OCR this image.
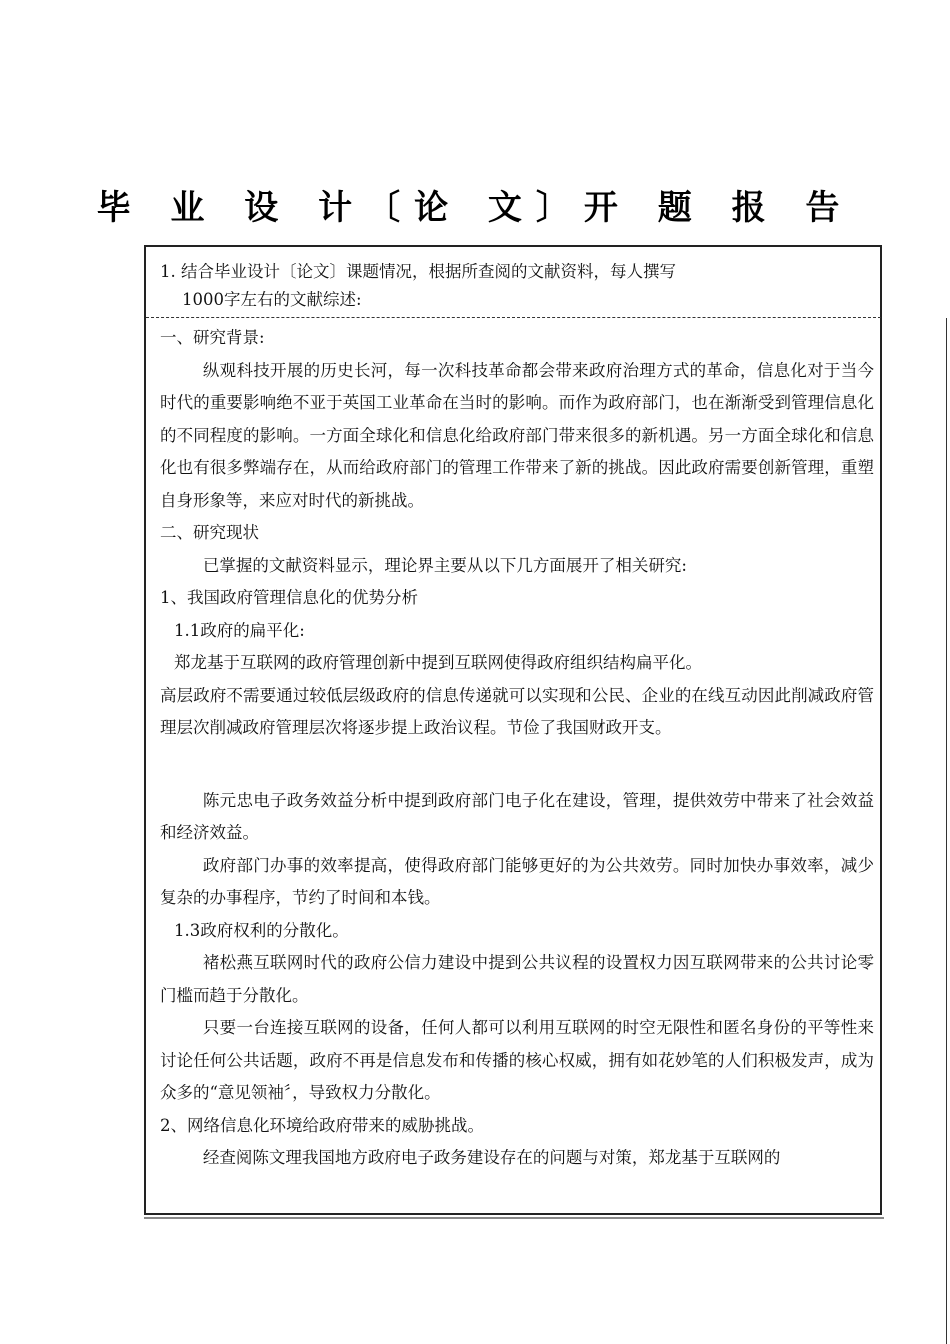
毕 业 设 计〔论 文〕开 题 报 告
1. 结合毕业设计〔论文〕课题情况，根据所查阅的文献资料，每人撰写
1000字左右的文献综述:

一、研究背景:

纵观科技开展的历史长河，每一次科技革命都会带来政府治理方式的革命，信息化对于当今时代的重要影响绝不亚于英国工业革命在当时的影响。而作为政府部门，也在渐渐受到管理信息化的不同程度的影响。一方面全球化和信息化给政府部门带来很多的新机遇。另一方面全球化和信息化也有很多弊端存在，从而给政府部门的管理工作带来了新的挑战。因此政府需要创新管理，重塑自身形象等，来应对时代的新挑战。

二、研究现状

已掌握的文献资料显示，理论界主要从以下几方面展开了相关研究:

1、我国政府管理信息化的优势分析

1.1政府的扁平化:

郑龙基于互联网的政府管理创新中提到互联网使得政府组织结构扁平化。

高层政府不需要通过较低层级政府的信息传递就可以实现和公民、企业的在线互动因此削减政府管理层次削减政府管理层次将逐步提上政治议程。节俭了我国财政开支。

陈元忠电子政务效益分析中提到政府部门电子化在建设，管理，提供效劳中带来了社会效益和经济效益。

政府部门办事的效率提高，使得政府部门能够更好的为公共效劳。同时加快办事效率，减少复杂的办事程序，节约了时间和本钱。

1.3政府权利的分散化。

褚松燕互联网时代的政府公信力建设中提到公共议程的设置权力因互联网带来的公共讨论零门槛而趋于分散化。

只要一台连接互联网的设备，任何人都可以利用互联网的时空无限性和匿名身份的平等性来讨论任何公共话题，政府不再是信息发布和传播的核心权威，拥有如花妙笔的人们积极发声，成为众多的“意见领袖〞，导致权力分散化。

2、网络信息化环境给政府带来的威胁挑战。

经查阅陈文理我国地方政府电子政务建设存在的问题与对策，郑龙基于互联网的
